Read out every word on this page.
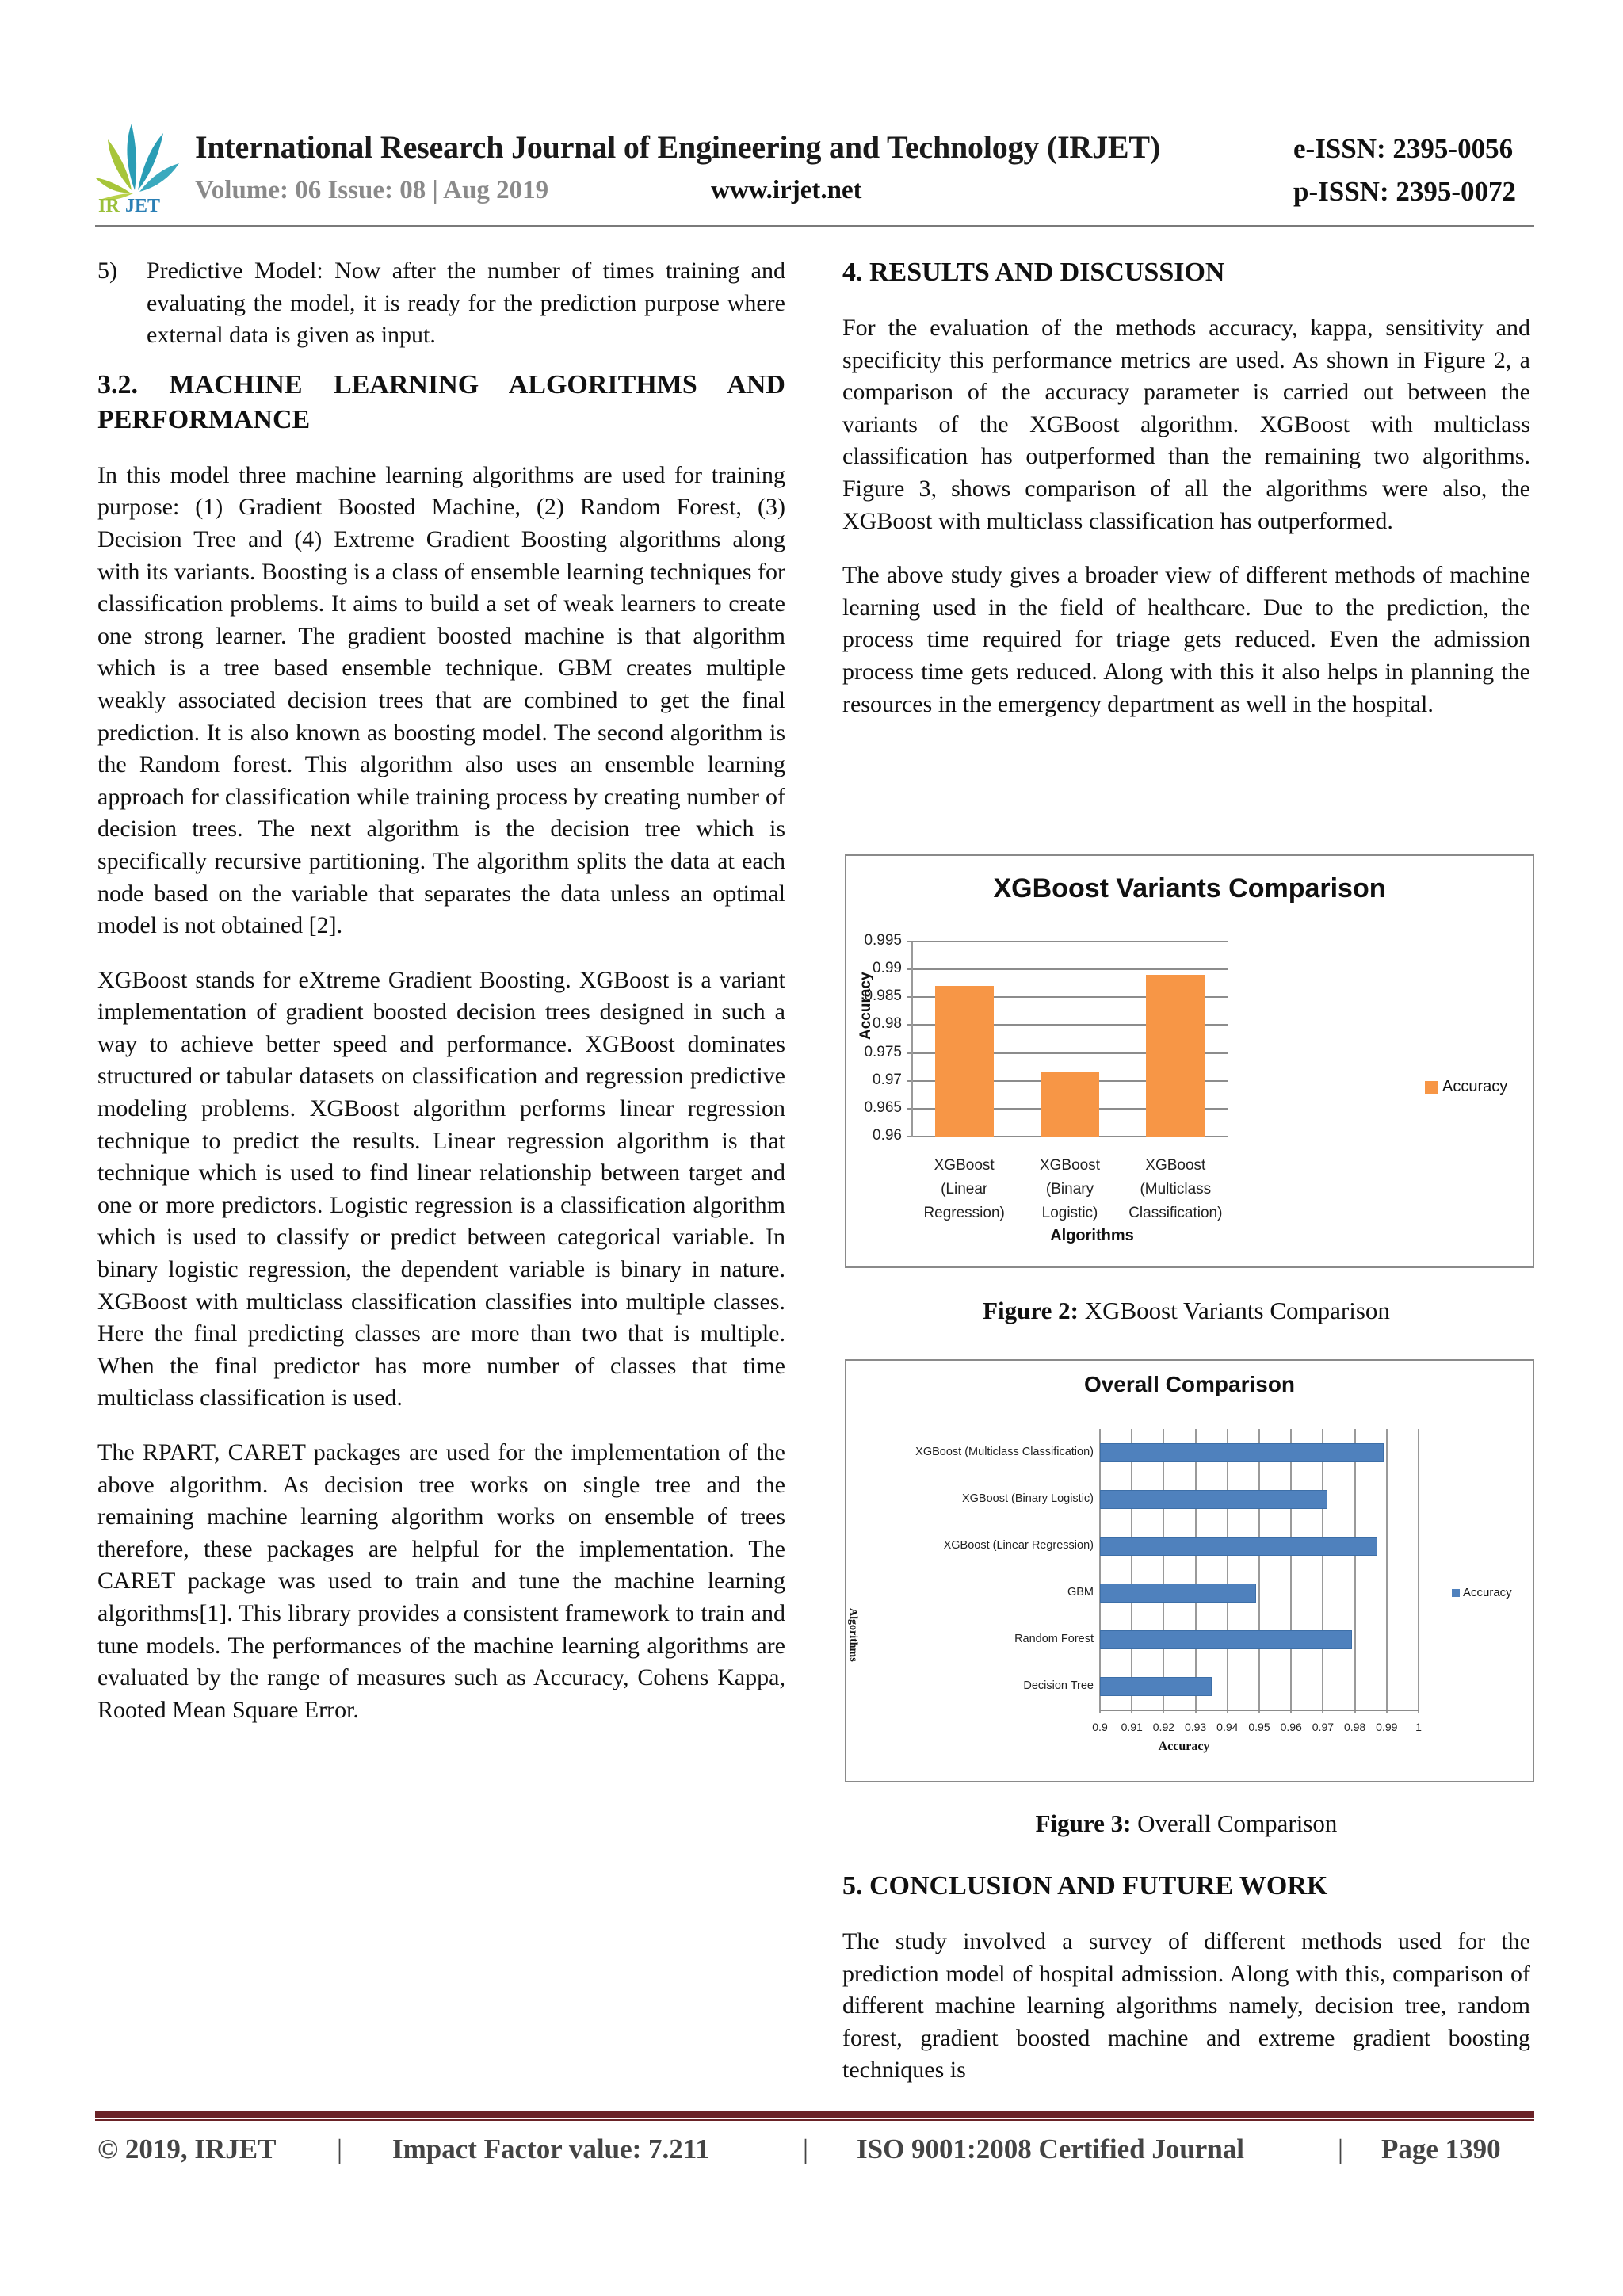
IR JET
International Research Journal of Engineering and Technology (IRJET)	e-ISSN: 2395-0056
Volume: 06 Issue: 08 | Aug 2019	www.irjet.net	p-ISSN: 2395-0072
5)	Predictive Model: Now after the number of times training and evaluating the model, it is ready for the prediction purpose where external data is given as input.
3.2. MACHINE LEARNING ALGORITHMS AND PERFORMANCE

In this model three machine learning algorithms are used for training purpose: (1) Gradient Boosted Machine, (2) Random Forest, (3) Decision Tree and (4) Extreme Gradient Boosting algorithms along with its variants. Boosting is a class of ensemble learning techniques for classification problems. It aims to build a set of weak learners to create one strong learner. The gradient boosted machine is that algorithm which is a tree based ensemble technique. GBM creates multiple weakly associated decision trees that are combined to get the final prediction. It is also known as boosting model. The second algorithm is the Random forest. This algorithm also uses an ensemble learning approach for classification while training process by creating number of decision trees. The next algorithm is the decision tree which is specifically recursive partitioning. The algorithm splits the data at each node based on the variable that separates the data unless an optimal model is not obtained [2].

XGBoost stands for eXtreme Gradient Boosting. XGBoost is a variant implementation of gradient boosted decision trees designed in such a way to achieve better speed and performance. XGBoost dominates structured or tabular datasets on classification and regression predictive modeling problems. XGBoost algorithm performs linear regression technique to predict the results. Linear regression algorithm is that technique which is used to find linear relationship between target and one or more predictors. Logistic regression is a classification algorithm which is used to classify or predict between categorical variable. In binary logistic regression, the dependent variable is binary in nature. XGBoost with multiclass classification classifies into multiple classes. Here the final predicting classes are more than two that is multiple. When the final predictor has more number of classes that time multiclass classification is used.

The RPART, CARET packages are used for the implementation of the above algorithm. As decision tree works on single tree and the remaining machine learning algorithm works on ensemble of trees therefore, these packages are helpful for the implementation. The CARET package was used to train and tune the machine learning algorithms[1]. This library provides a consistent framework to train and tune models. The performances of the machine learning algorithms are evaluated by the range of measures such as Accuracy, Cohens Kappa, Rooted Mean Square Error.

4. RESULTS AND DISCUSSION

For the evaluation of the methods accuracy, kappa, sensitivity and specificity this performance metrics are used. As shown in Figure 2, a comparison of the accuracy parameter is carried out between the variants of the XGBoost algorithm. XGBoost with multiclass classification has outperformed than the remaining two algorithms. Figure 3, shows comparison of all the algorithms were also, the XGBoost with multiclass classification has outperformed.

The above study gives a broader view of different methods of machine learning used in the field of healthcare. Due to the prediction, the process time required for triage gets reduced. Even the admission process time gets reduced. Along with this it also helps in planning the resources in the emergency department as well in the hospital.

XGBoost Variants Comparison
0.995
0.99
0.985
0.98
0.975
0.97
0.965
0.96
XGBoost (Linear
Regression)
XGBoost (Binary
Logistic)
XGBoost
(Multiclass
Classification)
Accuracy
Algorithms
Accuracy
Figure 2: XGBoost Variants Comparison
Overall Comparison
0.9	0.91 0.92 0.93 0.94 0.95 0.96 0.97 0.98 0.99	1
XGBoost (Multiclass Classification)
XGBoost (Binary Logistic)
XGBoost (Linear Regression)
GBM
Random Forest
Decision Tree
Algorithms
Accuracy
Accuracy
Figure 3: Overall Comparison
5. CONCLUSION AND FUTURE WORK

The study involved a survey of different methods used for the prediction model of hospital admission. Along with this, comparison of different machine learning algorithms namely, decision tree, random forest, gradient boosted machine and extreme gradient boosting techniques is

© 2019, IRJET | Impact Factor value: 7.211	| ISO 9001:2008 Certified Journal	| Page 1390
